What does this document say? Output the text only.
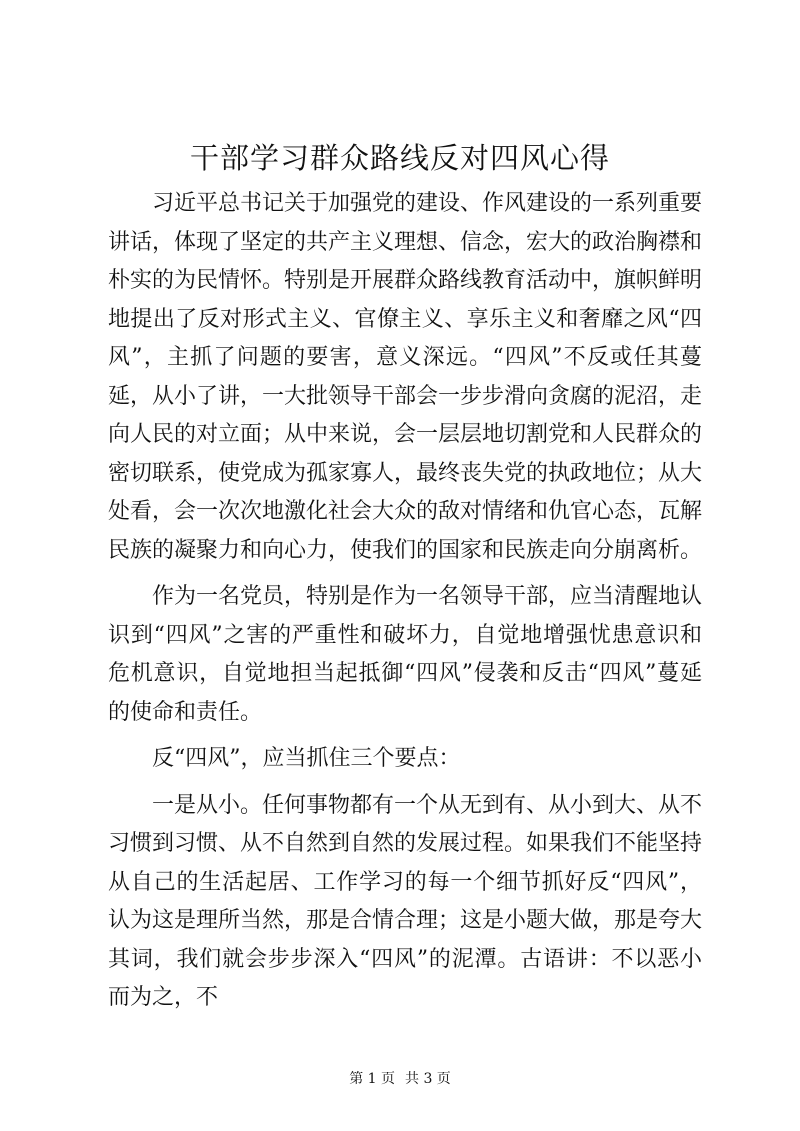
干部学习群众路线反对四风心得

习近平总书记关于加强党的建设、作风建设的一系列重要讲话，体现了坚定的共产主义理想、信念，宏大的政治胸襟和朴实的为民情怀。特别是开展群众路线教育活动中，旗帜鲜明地提出了反对形式主义、官僚主义、享乐主义和奢靡之风“四风”，主抓了问题的要害，意义深远。“四风”不反或任其蔓延，从小了讲，一大批领导干部会一步步滑向贪腐的泥沼，走向人民的对立面；从中来说，会一层层地切割党和人民群众的密切联系，使党成为孤家寡人，最终丧失党的执政地位；从大处看，会一次次地激化社会大众的敌对情绪和仇官心态，瓦解民族的凝聚力和向心力，使我们的国家和民族走向分崩离析。

作为一名党员，特别是作为一名领导干部，应当清醒地认识到“四风”之害的严重性和破坏力，自觉地增强忧患意识和危机意识，自觉地担当起抵御“四风”侵袭和反击“四风”蔓延的使命和责任。

反“四风”，应当抓住三个要点：

一是从小。任何事物都有一个从无到有、从小到大、从不习惯到习惯、从不自然到自然的发展过程。如果我们不能坚持从自己的生活起居、工作学习的每一个细节抓好反“四风”，认为这是理所当然，那是合情合理；这是小题大做，那是夸大其词，我们就会步步深入“四风”的泥潭。古语讲：不以恶小而为之，不

第 1 页 共 3 页
